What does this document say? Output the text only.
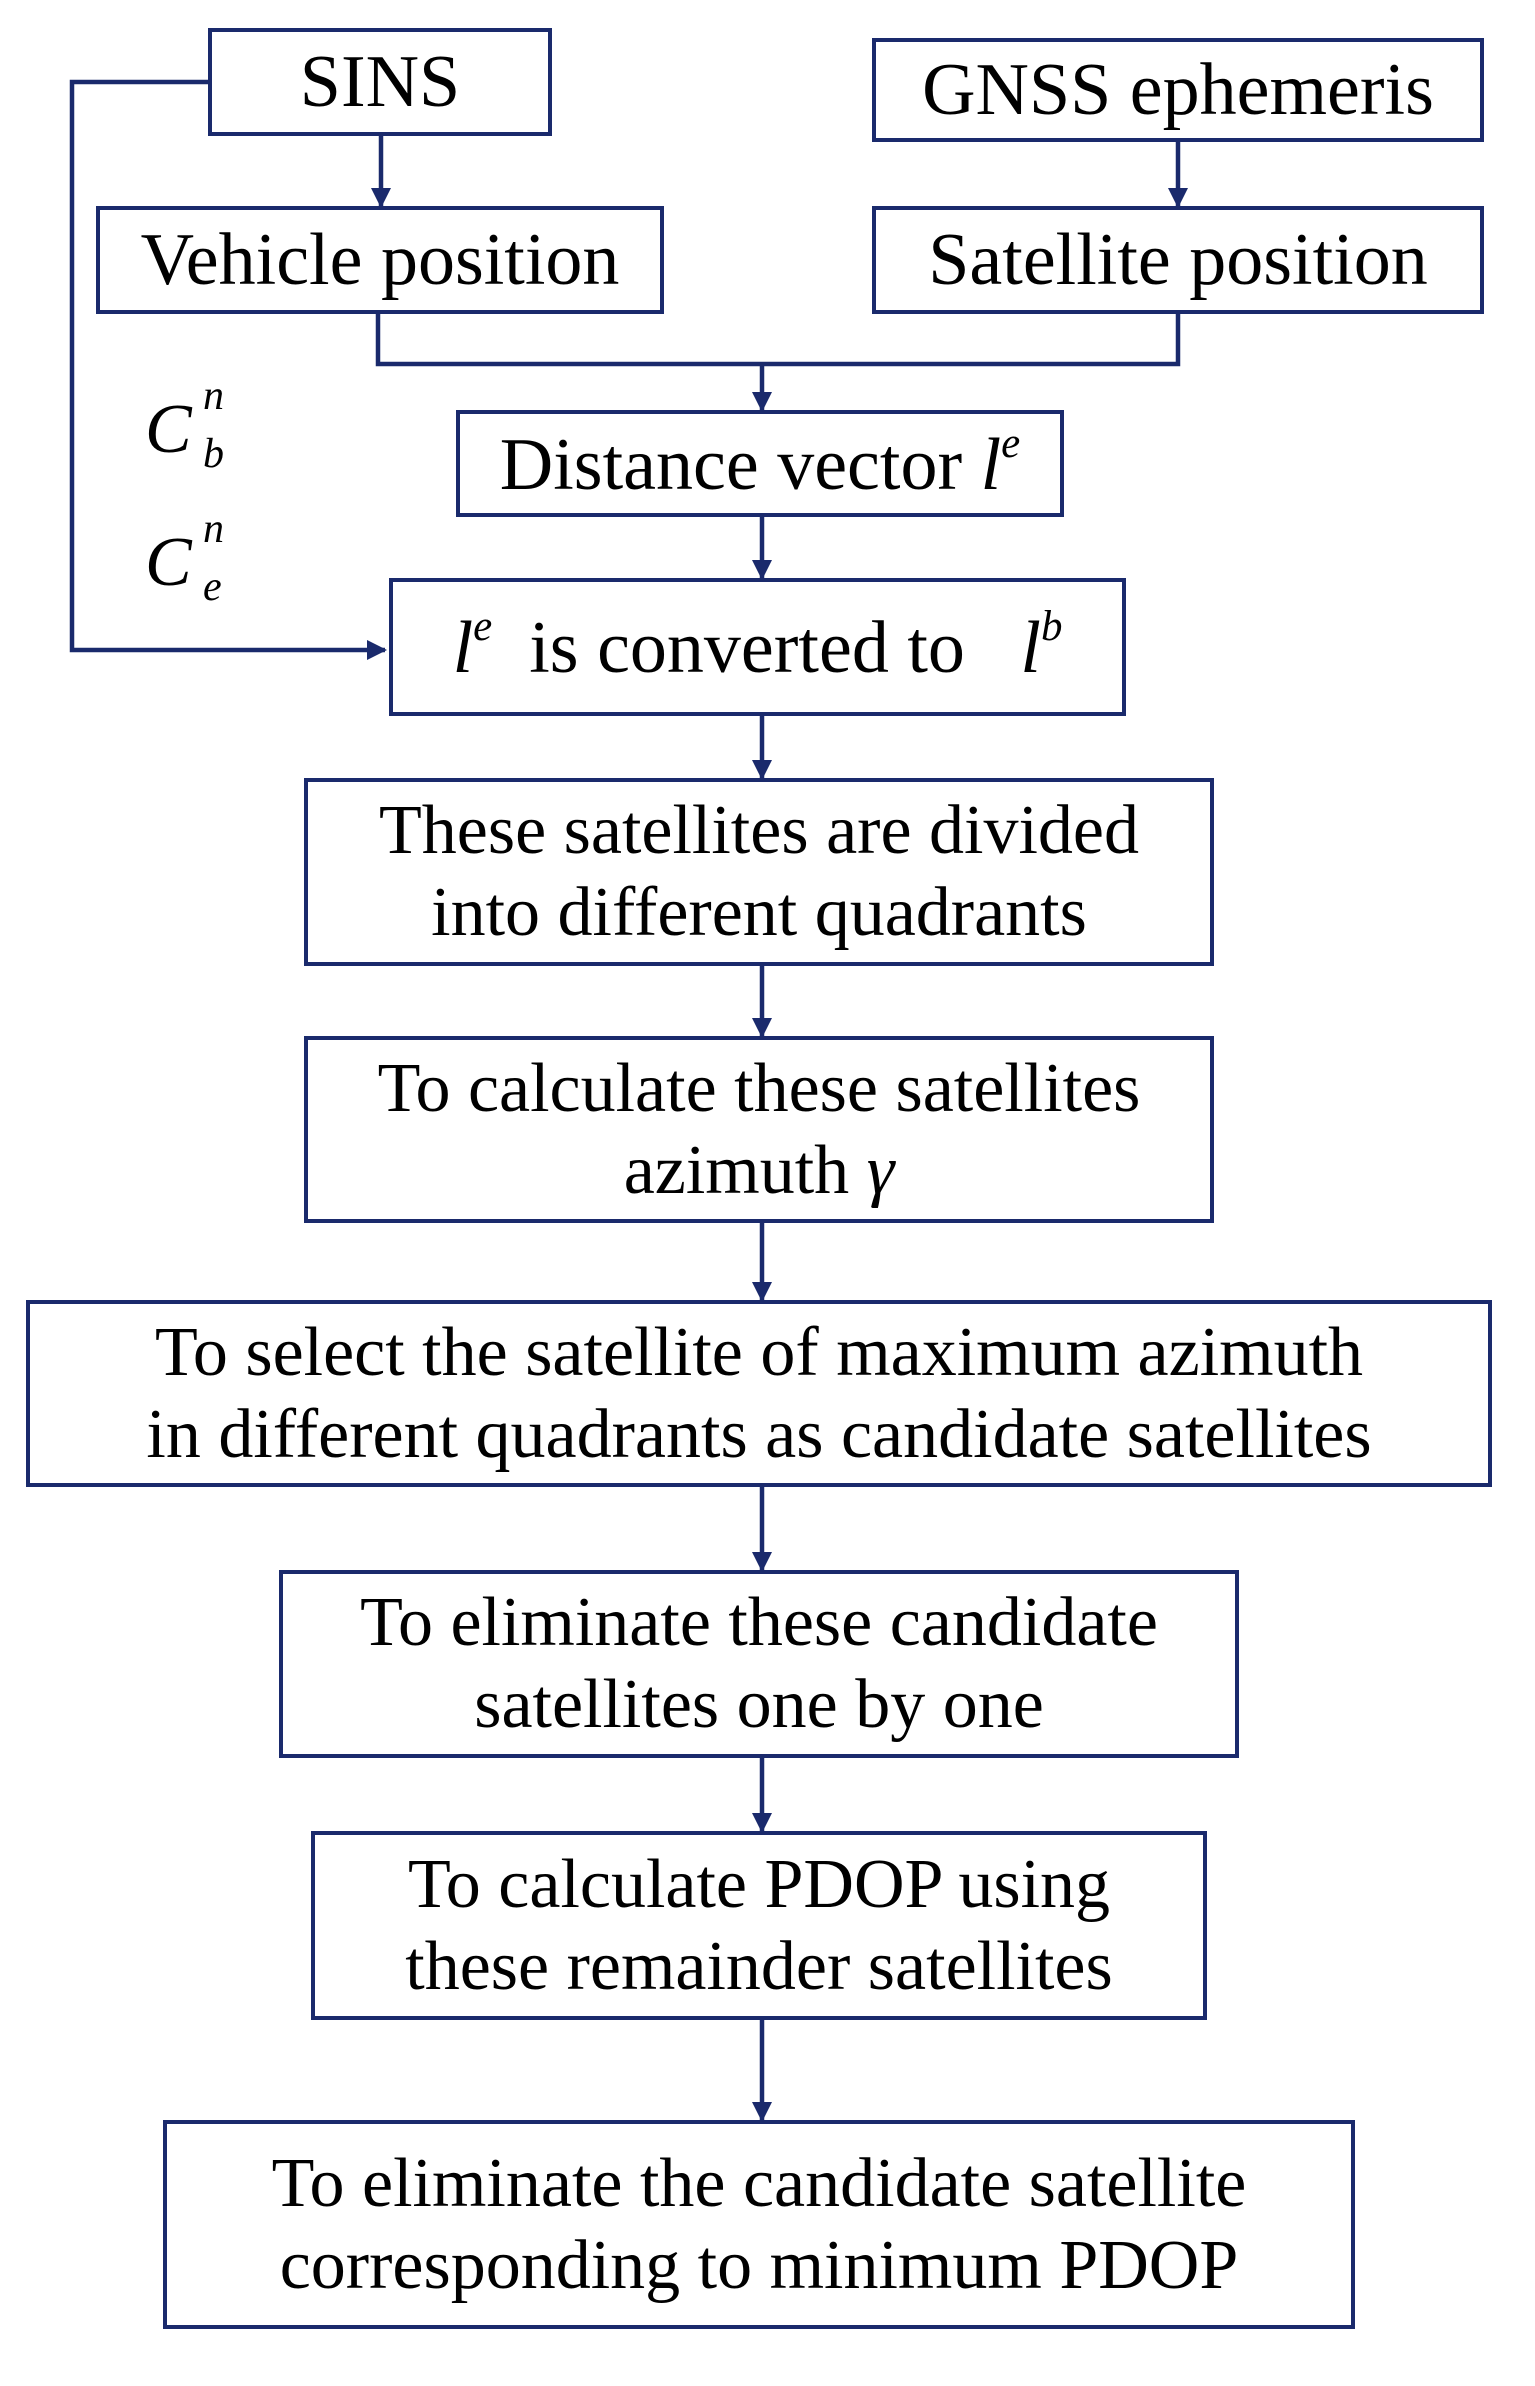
SINS	GNSS ephemeris
Vehicle position	Satellite position
Distance vector $l^e$
C n
b
C n
e
$l^e$ is converted to $l^b$
These satellites are divided
into different quadrants
To calculate these satellites
azimuth γ
To select the satellite of maximum azimuth
in different quadrants as candidate satellites
To eliminate these candidate
satellites one by one
To calculate PDOP using
these remainder satellites
To eliminate the candidate satellite
corresponding to minimum PDOP
